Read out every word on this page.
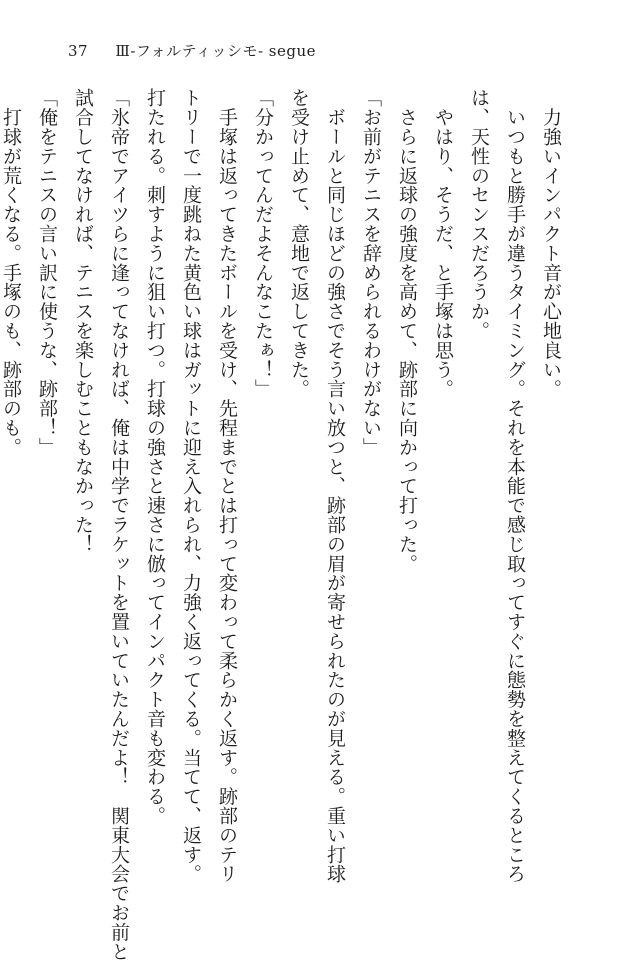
37 Ⅲ-フォルティッシモ- segue
　力強いインパクト音が心地良い。
　いつもと勝手が違うタイミング。それを本能で感じ取ってすぐに態勢を整えてくるところ
は、天性のセンスだろうか。
　やはり、そうだ、と手塚は思う。
　さらに返球の強度を高めて、跡部に向かって打った。
「お前がテニスを辞められるわけがない」
　ボールと同じほどの強さでそう言い放つと、跡部の眉が寄せられたのが見える。重い打球
を受け止めて、意地で返してきた。
「分かってんだよそんなこたぁ！」
　手塚は返ってきたボールを受け、先程までとは打って変わって柔らかく返す。跡部のテリ
トリーで一度跳ねた黄色い球はガットに迎え入れられ、力強く返ってくる。当てて、返す。
打たれる。刺すように狙い打つ。打球の強さと速さに倣ってインパクト音も変わる。
「氷帝でアイツらに逢ってなければ、俺は中学でラケットを置いていたんだよ！　関東大会でお前と
試合してなければ、テニスを楽しむこともなかった！
「俺をテニスの言い訳に使うな、跡部！」
　打球が荒くなる。手塚のも、跡部のも。
